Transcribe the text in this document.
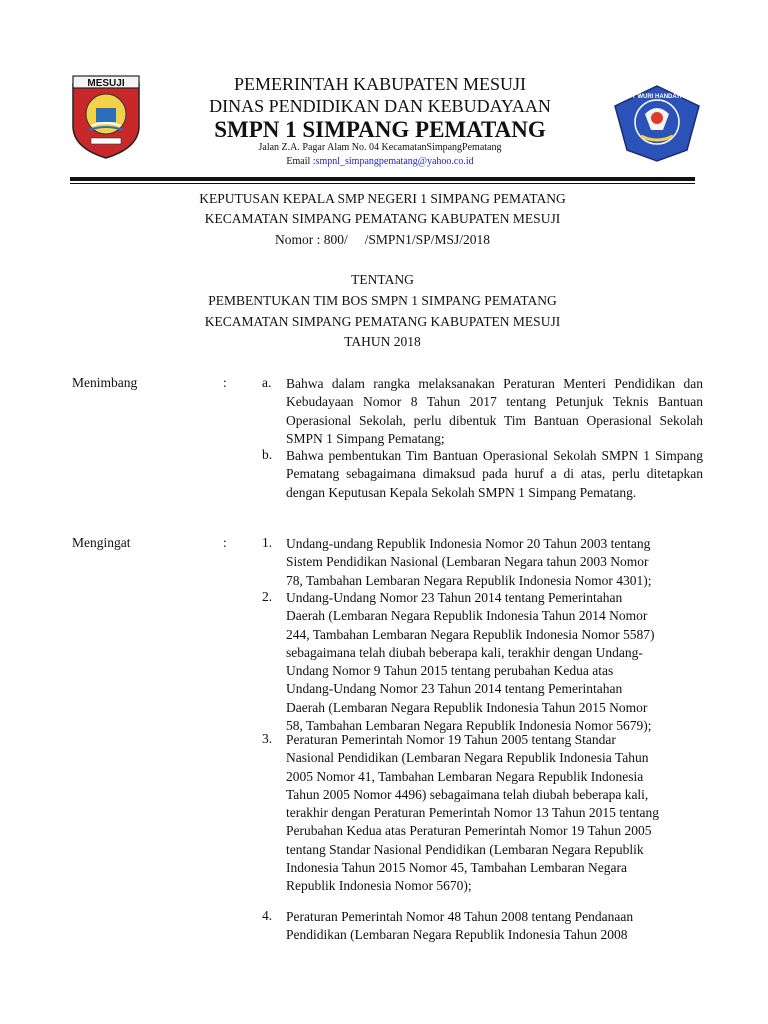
MESUJI
TUT WURI HANDAYANI
PEMERINTAH KABUPATEN MESUJI
DINAS PENDIDIKAN DAN KEBUDAYAAN
SMPN 1 SIMPANG PEMATANG
Jalan Z.A. Pagar Alam No. 04 KecamatanSimpangPematang
Email :smpnl_simpangpematang@yahoo.co.id
KEPUTUSAN KEPALA SMP NEGERI 1 SIMPANG PEMATANG
KECAMATAN SIMPANG PEMATANG KABUPATEN MESUJI
Nomor : 800/     /SMPN1/SP/MSJ/2018
TENTANG
PEMBENTUKAN TIM BOS SMPN 1 SIMPANG PEMATANG
KECAMATAN SIMPANG PEMATANG KABUPATEN MESUJI
TAHUN 2018
Menimbang	:	a. Bahwa dalam rangka melaksanakan Peraturan Menteri Pendidikan dan Kebudayaan Nomor 8 Tahun 2017 tentang Petunjuk Teknis Bantuan Operasional Sekolah, perlu dibentuk Tim Bantuan Operasional Sekolah SMPN 1 Simpang Pematang;
b. Bahwa pembentukan Tim Bantuan Operasional Sekolah SMPN 1 Simpang Pematang sebagaimana dimaksud pada huruf a di atas, perlu ditetapkan dengan Keputusan Kepala Sekolah SMPN 1 Simpang Pematang.
Mengingat	:	1. Undang-undang Republik Indonesia Nomor 20 Tahun 2003 tentang
Sistem Pendidikan Nasional (Lembaran Negara tahun 2003 Nomor
78, Tambahan Lembaran Negara Republik Indonesia Nomor 4301);
2. Undang-Undang Nomor 23 Tahun 2014 tentang Pemerintahan
Daerah (Lembaran Negara Republik Indonesia Tahun 2014 Nomor
244, Tambahan Lembaran Negara Republik Indonesia Nomor 5587)
sebagaimana telah diubah beberapa kali, terakhir dengan Undang-
Undang Nomor 9 Tahun 2015 tentang perubahan Kedua atas
Undang-Undang Nomor 23 Tahun 2014 tentang Pemerintahan
Daerah (Lembaran Negara Republik Indonesia Tahun 2015 Nomor
58, Tambahan Lembaran Negara Republik Indonesia Nomor 5679);
3. Peraturan Pemerintah Nomor 19 Tahun 2005 tentang Standar
Nasional Pendidikan (Lembaran Negara Republik Indonesia Tahun
2005 Nomor 41, Tambahan Lembaran Negara Republik Indonesia
Tahun 2005 Nomor 4496) sebagaimana telah diubah beberapa kali,
terakhir dengan Peraturan Pemerintah Nomor 13 Tahun 2015 tentang
Perubahan Kedua atas Peraturan Pemerintah Nomor 19 Tahun 2005
tentang Standar Nasional Pendidikan (Lembaran Negara Republik
Indonesia Tahun 2015 Nomor 45, Tambahan Lembaran Negara
Republik Indonesia Nomor 5670);
4. Peraturan Pemerintah Nomor 48 Tahun 2008 tentang Pendanaan
Pendidikan (Lembaran Negara Republik Indonesia Tahun 2008
